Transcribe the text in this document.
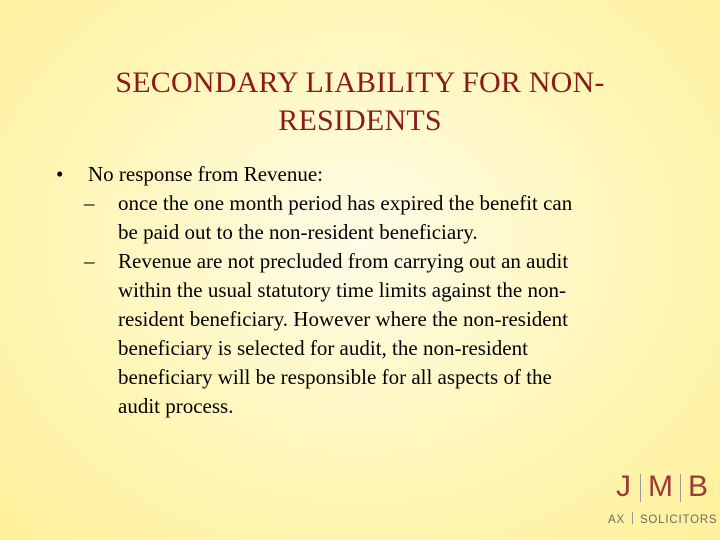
SECONDARY LIABILITY FOR NON-
RESIDENTS
•	No response from Revenue:
–	once the one month period has expired the benefit can
be paid out to the non-resident beneficiary.
–	Revenue are not precluded from carrying out an audit
within the usual statutory time limits against the non-
resident beneficiary. However where the non-resident
beneficiary is selected for audit, the non-resident
beneficiary will be responsible for all aspects of the
audit process.
J M B
AX SOLICITORS
